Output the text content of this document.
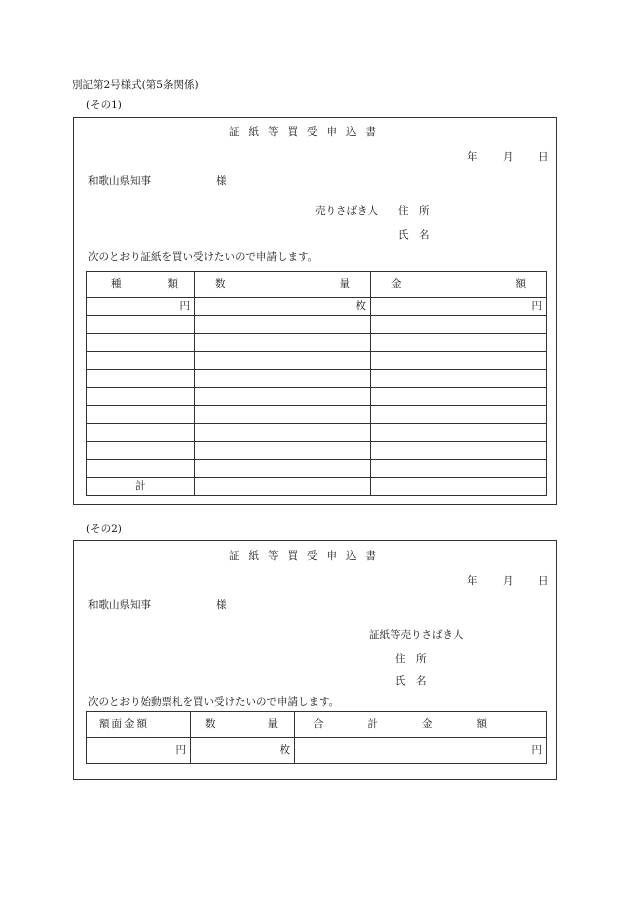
別記第2号様式(第5条関係)
(その1)
証紙等買受申込書
年 月 日
和歌山県知事	様
売りさばき人 住　所
氏　名
次のとおり証紙を買い受けたいので申請します。
種 類	数 量	金 額

円	枚	円

計		
(その2)
証紙等買受申込書
年 月 日
和歌山県知事	様
証紙等売りさばき人
住　所
氏　名
次のとおり始動票札を買い受けたいので申請します。
額面金額	数 量	合計金額
円	枚	円
